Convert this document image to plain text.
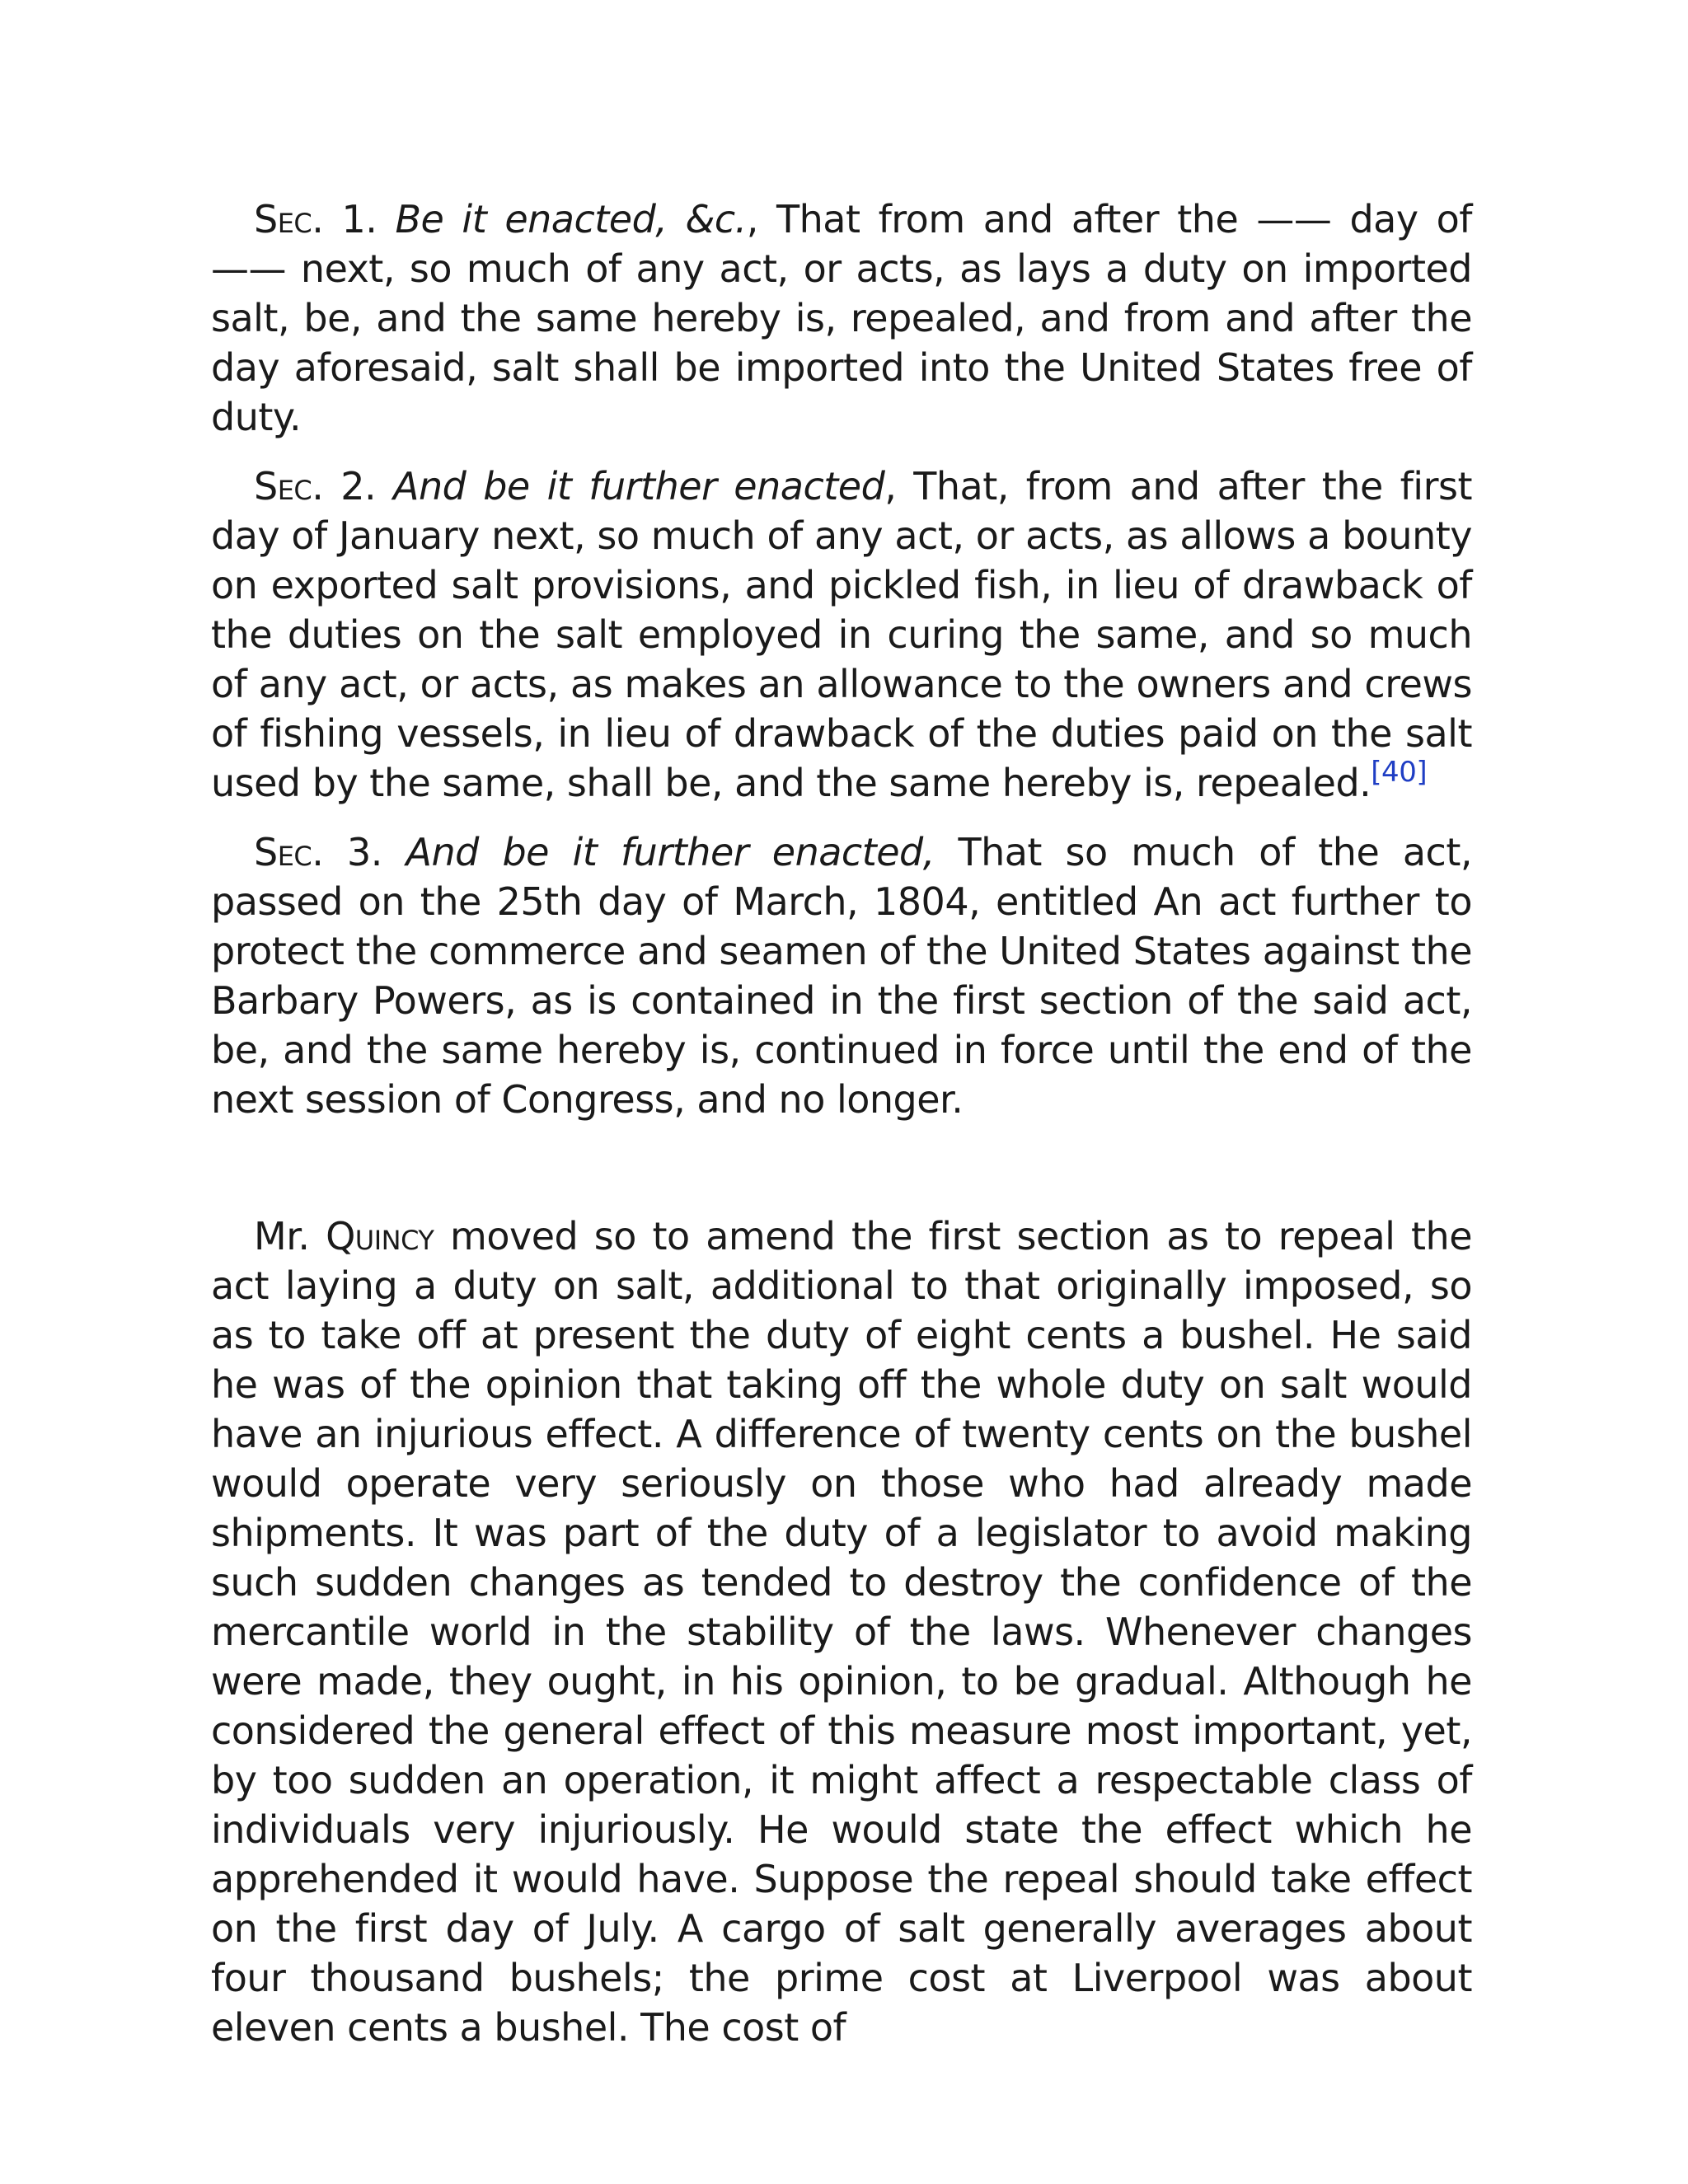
Sec. 1. Be it enacted, &c., That from and after the —— day of —— next, so much of any act, or acts, as lays a duty on imported salt, be, and the same hereby is, repealed, and from and after the day aforesaid, salt shall be imported into the United States free of duty.

Sec. 2. And be it further enacted, That, from and after the first day of January next, so much of any act, or acts, as allows a bounty on exported salt provisions, and pickled fish, in lieu of drawback of the duties on the salt employed in curing the same, and so much of any act, or acts, as makes an allowance to the owners and crews of fishing vessels, in lieu of drawback of the duties paid on the salt used by the same, shall be, and the same hereby is, repealed.[40]

Sec. 3. And be it further enacted, That so much of the act, passed on the 25th day of March, 1804, entitled An act further to protect the commerce and seamen of the United States against the Barbary Powers, as is contained in the first section of the said act, be, and the same hereby is, continued in force until the end of the next session of Congress, and no longer.

Mr. Quincy moved so to amend the first section as to repeal the act laying a duty on salt, additional to that originally imposed, so as to take off at present the duty of eight cents a bushel. He said he was of the opinion that taking off the whole duty on salt would have an injurious effect. A difference of twenty cents on the bushel would operate very seriously on those who had already made shipments. It was part of the duty of a legislator to avoid making such sudden changes as tended to destroy the confidence of the mercantile world in the stability of the laws. Whenever changes were made, they ought, in his opinion, to be gradual. Although he considered the general effect of this measure most important, yet, by too sudden an operation, it might affect a respectable class of individuals very injuriously. He would state the effect which he apprehended it would have. Suppose the repeal should take effect on the first day of July. A cargo of salt generally averages about four thousand bushels; the prime cost at Liverpool was about eleven cents a bushel. The cost of
